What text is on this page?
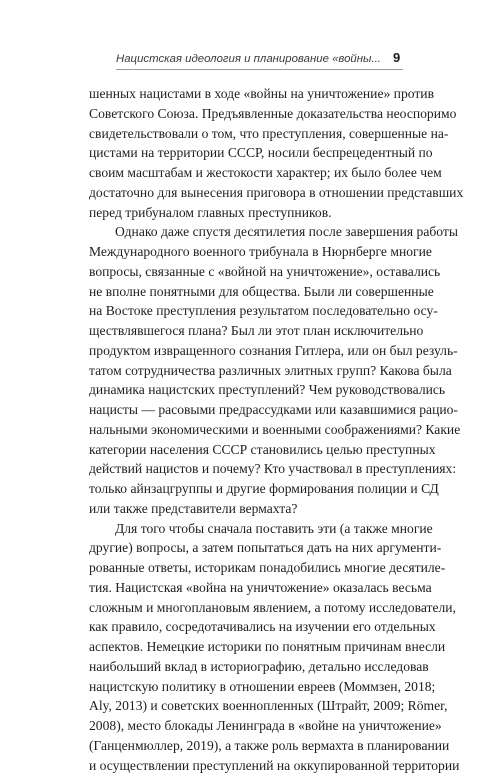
Нацистская идеология и планирование «войны... 9
шенных нацистами в ходе «войны на уничтожение» против
Советского Союза. Предъявленные доказательства неоспоримо
свидетельствовали о том, что преступления, совершенные на-
цистами на территории СССР, носили беспрецедентный по
своим масштабам и жестокости характер; их было более чем
достаточно для вынесения приговора в отношении представших
перед трибуналом главных преступников.
Однако даже спустя десятилетия после завершения работы
Международного военного трибунала в Нюрнберге многие
вопросы, связанные с «войной на уничтожение», оставались
не вполне понятными для общества. Были ли совершенные
на Востоке преступления результатом последовательно осу-
ществлявшегося плана? Был ли этот план исключительно
продуктом извращенного сознания Гитлера, или он был резуль-
татом сотрудничества различных элитных групп? Какова была
динамика нацистских преступлений? Чем руководствовались
нацисты — расовыми предрассудками или казавшимися рацио-
нальными экономическими и военными соображениями? Какие
категории населения СССР становились целью преступных
действий нацистов и почему? Кто участвовал в преступлениях:
только айнзацгруппы и другие формирования полиции и СД
или также представители вермахта?
Для того чтобы сначала поставить эти (а также многие
другие) вопросы, а затем попытаться дать на них аргументи-
рованные ответы, историкам понадобились многие десятиле-
тия. Нацистская «война на уничтожение» оказалась весьма
сложным и многоплановым явлением, а потому исследователи,
как правило, сосредотачивались на изучении его отдельных
аспектов. Немецкие историки по понятным причинам внесли
наибольший вклад в историографию, детально исследовав
нацистскую политику в отношении евреев (Моммзен, 2018;
Aly, 2013) и советских военнопленных (Штрайт, 2009; Römer,
2008), место блокады Ленинграда в «войне на уничтожение»
(Ганценмюллер, 2019), а также роль вермахта в планировании
и осуществлении преступлений на оккупированной территории
